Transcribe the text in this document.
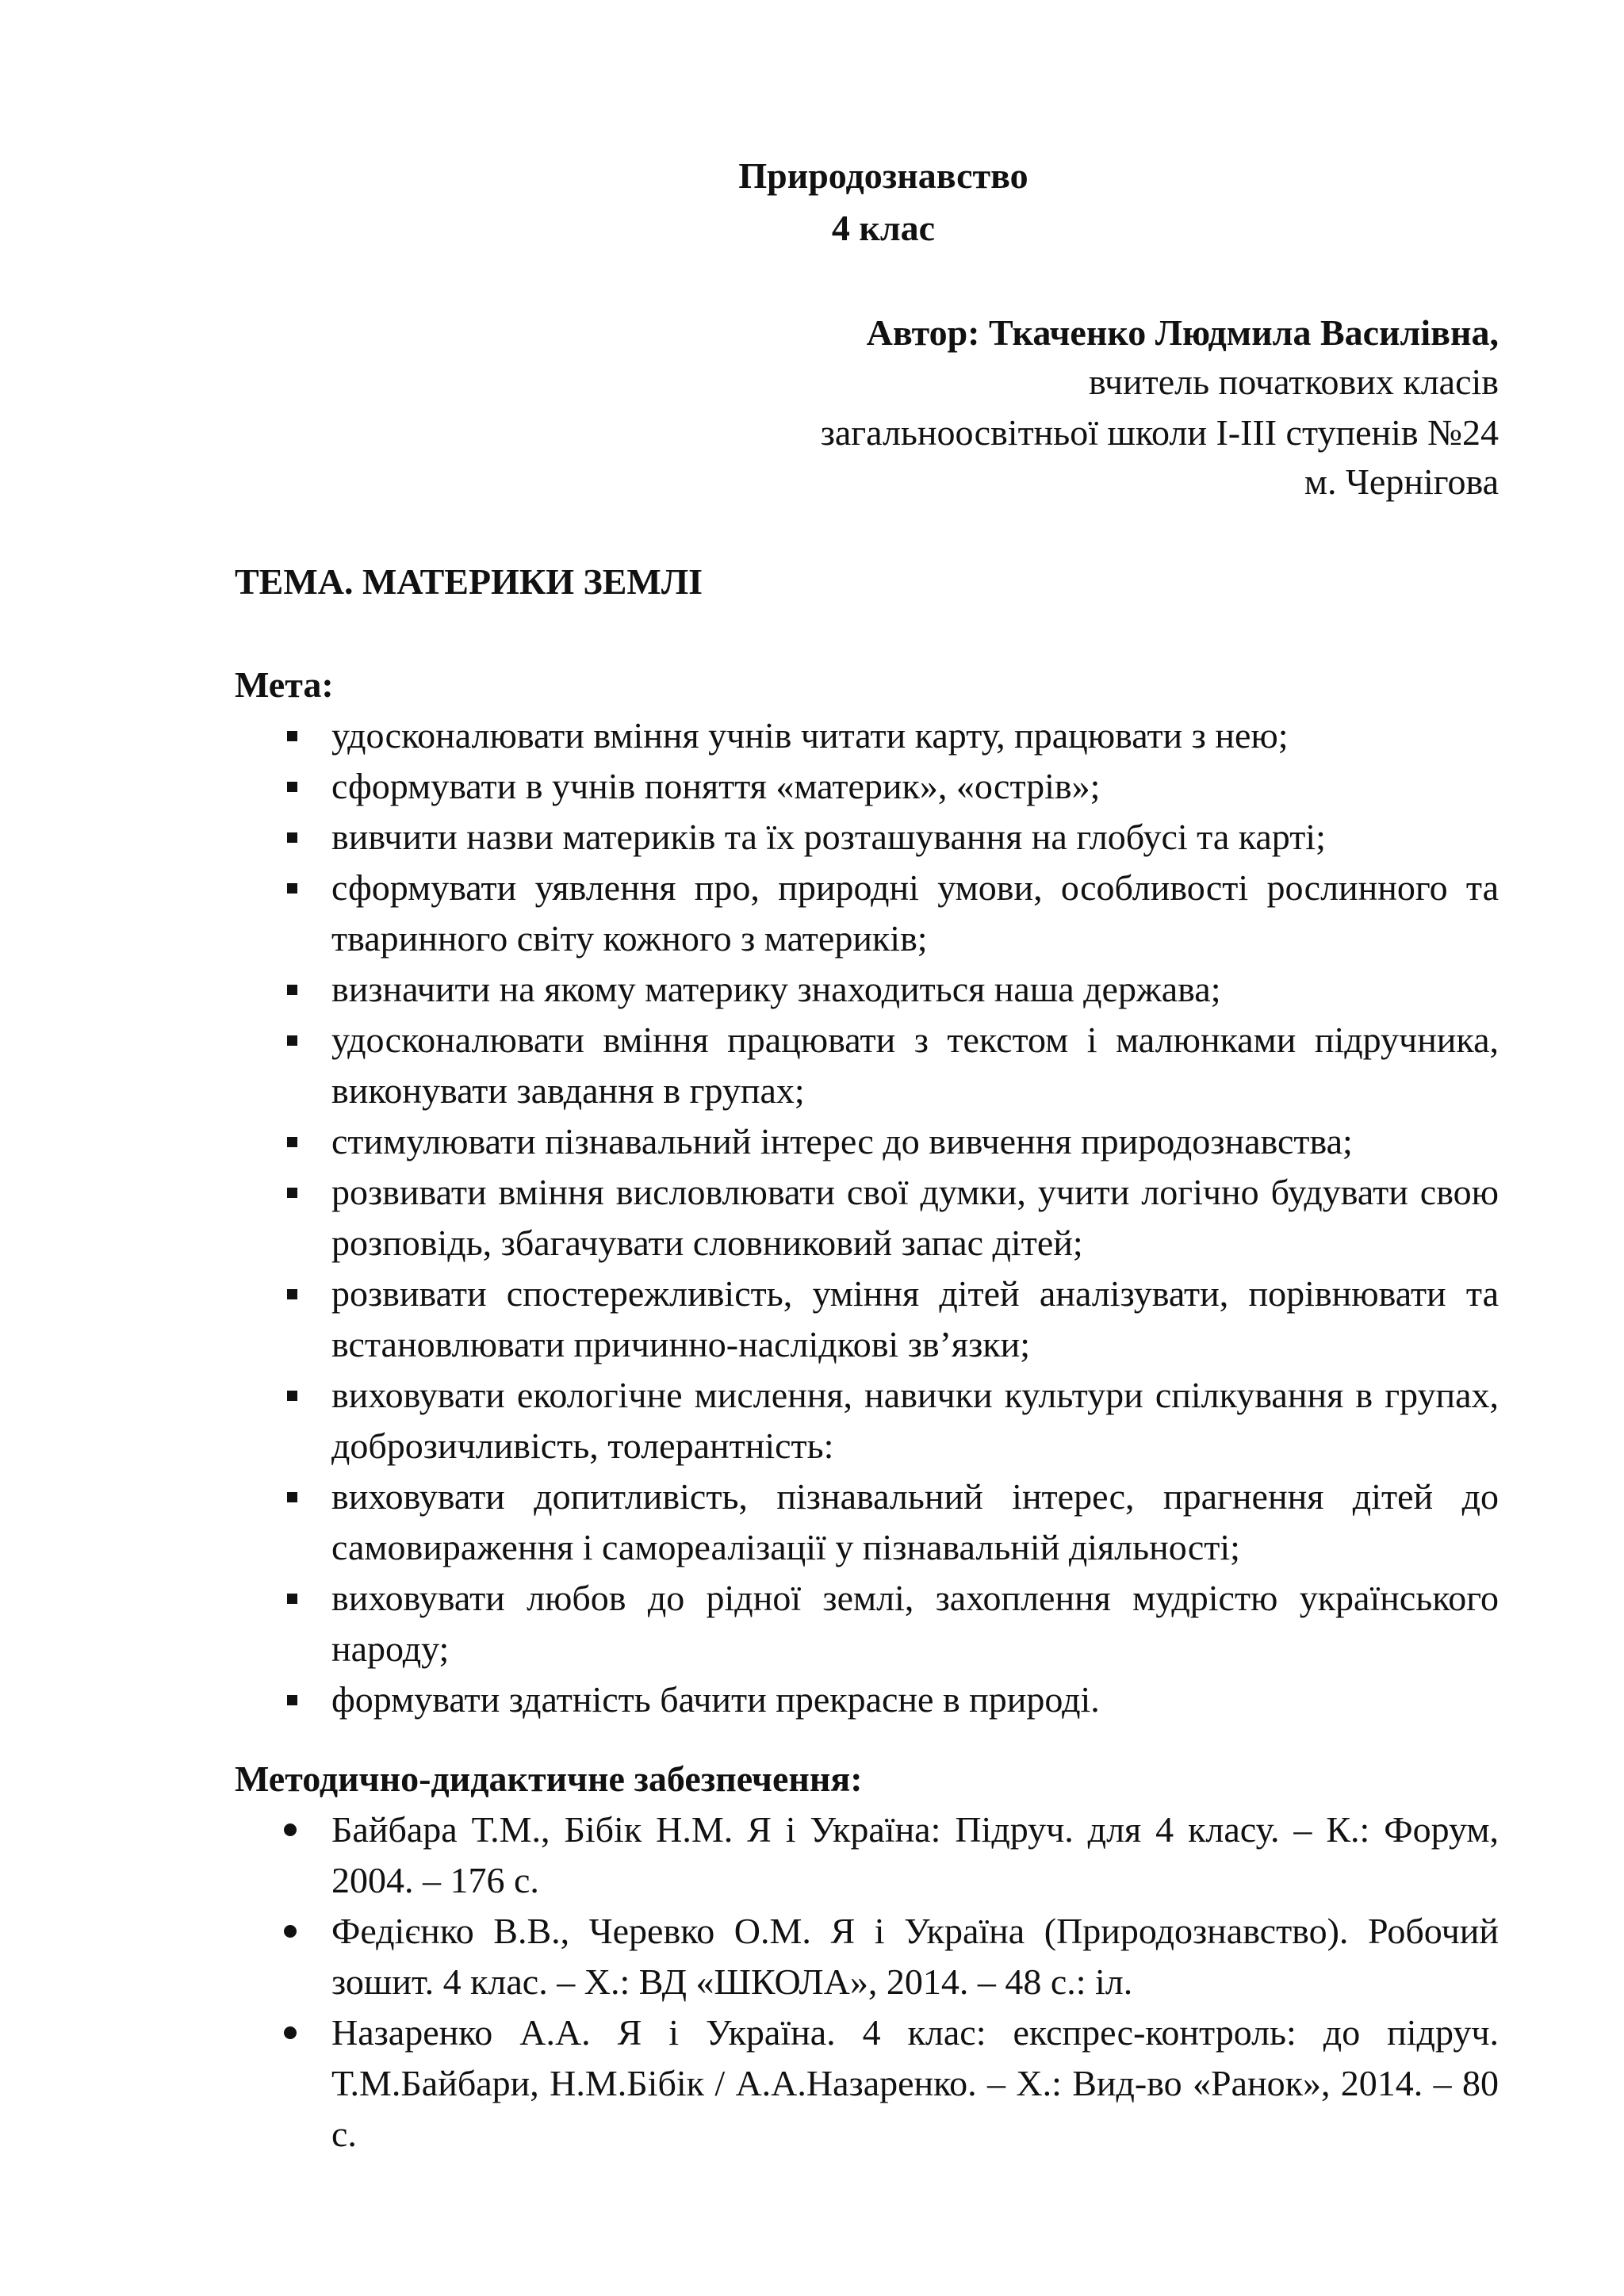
Природознавство
4 клас
Автор: Ткаченко Людмила Василівна,
вчитель початкових класів
загальноосвітньої школи І-ІІІ ступенів №24
м. Чернігова
ТЕМА. МАТЕРИКИ ЗЕМЛІ
Мета:
удосконалювати вміння учнів читати карту, працювати з нею;
сформувати в учнів поняття «материк», «острів»;
вивчити назви материків та їх розташування на глобусі та карті;
сформувати уявлення про, природні умови, особливості рослинного та тваринного світу кожного з материків;
визначити на якому материку знаходиться наша держава;
удосконалювати вміння працювати з текстом і малюнками підручника, виконувати завдання в групах;
стимулювати пізнавальний інтерес до вивчення природознавства;
розвивати вміння висловлювати свої думки, учити логічно будувати свою розповідь, збагачувати словниковий запас дітей;
розвивати спостережливість, уміння дітей аналізувати, порівнювати та встановлювати причинно-наслідкові зв’язки;
виховувати екологічне мислення, навички культури спілкування в групах, доброзичливість, толерантність:
виховувати допитливість, пізнавальний інтерес, прагнення дітей до самовираження і самореалізації у пізнавальній діяльності;
виховувати любов до рідної землі, захоплення мудрістю українського народу;
формувати здатність бачити прекрасне в природі.
Методично-дидактичне забезпечення:
Байбара Т.М., Бібік Н.М. Я і Україна: Підруч. для 4 класу. – К.: Форум, 2004. – 176 с.
Федієнко В.В., Черевко О.М. Я і Україна (Природознавство). Робочий зошит. 4 клас. – Х.: ВД «ШКОЛА», 2014. – 48 с.: іл.
Назаренко А.А. Я і Україна. 4 клас: експрес-контроль: до підруч. Т.М.Байбари, Н.М.Бібік / А.А.Назаренко. – Х.: Вид-во «Ранок», 2014. – 80 с.
